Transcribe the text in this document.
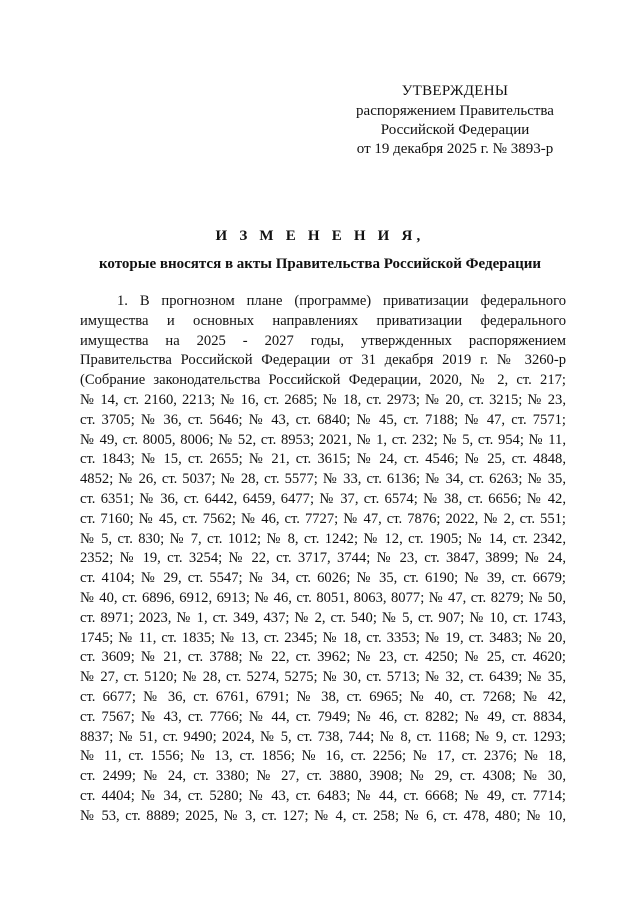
УТВЕРЖДЕНЫ
распоряжением Правительства
Российской Федерации
от 19 декабря 2025 г. № 3893-р
И З М Е Н Е Н И Я,
которые вносятся в акты Правительства Российской Федерации
1. В прогнозном плане (программе) приватизации федерального
имущества и основных направлениях приватизации федерального
имущества на 2025 - 2027 годы, утвержденных распоряжением
Правительства Российской Федерации от 31 декабря 2019 г. № 3260-р
(Собрание законодательства Российской Федерации, 2020, № 2, ст. 217;
№ 14, ст. 2160, 2213; № 16, ст. 2685; № 18, ст. 2973; № 20, ст. 3215; № 23,
ст. 3705; № 36, ст. 5646; № 43, ст. 6840; № 45, ст. 7188; № 47, ст. 7571;
№ 49, ст. 8005, 8006; № 52, ст. 8953; 2021, № 1, ст. 232; № 5, ст. 954; № 11,
ст. 1843; № 15, ст. 2655; № 21, ст. 3615; № 24, ст. 4546; № 25, ст. 4848,
4852; № 26, ст. 5037; № 28, ст. 5577; № 33, ст. 6136; № 34, ст. 6263; № 35,
ст. 6351; № 36, ст. 6442, 6459, 6477; № 37, ст. 6574; № 38, ст. 6656; № 42,
ст. 7160; № 45, ст. 7562; № 46, ст. 7727; № 47, ст. 7876; 2022, № 2, ст. 551;
№ 5, ст. 830; № 7, ст. 1012; № 8, ст. 1242; № 12, ст. 1905; № 14, ст. 2342,
2352; № 19, ст. 3254; № 22, ст. 3717, 3744; № 23, ст. 3847, 3899; № 24,
ст. 4104; № 29, ст. 5547; № 34, ст. 6026; № 35, ст. 6190; № 39, ст. 6679;
№ 40, ст. 6896, 6912, 6913; № 46, ст. 8051, 8063, 8077; № 47, ст. 8279; № 50,
ст. 8971; 2023, № 1, ст. 349, 437; № 2, ст. 540; № 5, ст. 907; № 10, ст. 1743,
1745; № 11, ст. 1835; № 13, ст. 2345; № 18, ст. 3353; № 19, ст. 3483; № 20,
ст. 3609; № 21, ст. 3788; № 22, ст. 3962; № 23, ст. 4250; № 25, ст. 4620;
№ 27, ст. 5120; № 28, ст. 5274, 5275; № 30, ст. 5713; № 32, ст. 6439; № 35,
ст. 6677; № 36, ст. 6761, 6791; № 38, ст. 6965; № 40, ст. 7268; № 42,
ст. 7567; № 43, ст. 7766; № 44, ст. 7949; № 46, ст. 8282; № 49, ст. 8834,
8837; № 51, ст. 9490; 2024, № 5, ст. 738, 744; № 8, ст. 1168; № 9, ст. 1293;
№ 11, ст. 1556; № 13, ст. 1856; № 16, ст. 2256; № 17, ст. 2376; № 18,
ст. 2499; № 24, ст. 3380; № 27, ст. 3880, 3908; № 29, ст. 4308; № 30,
ст. 4404; № 34, ст. 5280; № 43, ст. 6483; № 44, ст. 6668; № 49, ст. 7714;
№ 53, ст. 8889; 2025, № 3, ст. 127; № 4, ст. 258; № 6, ст. 478, 480; № 10,
